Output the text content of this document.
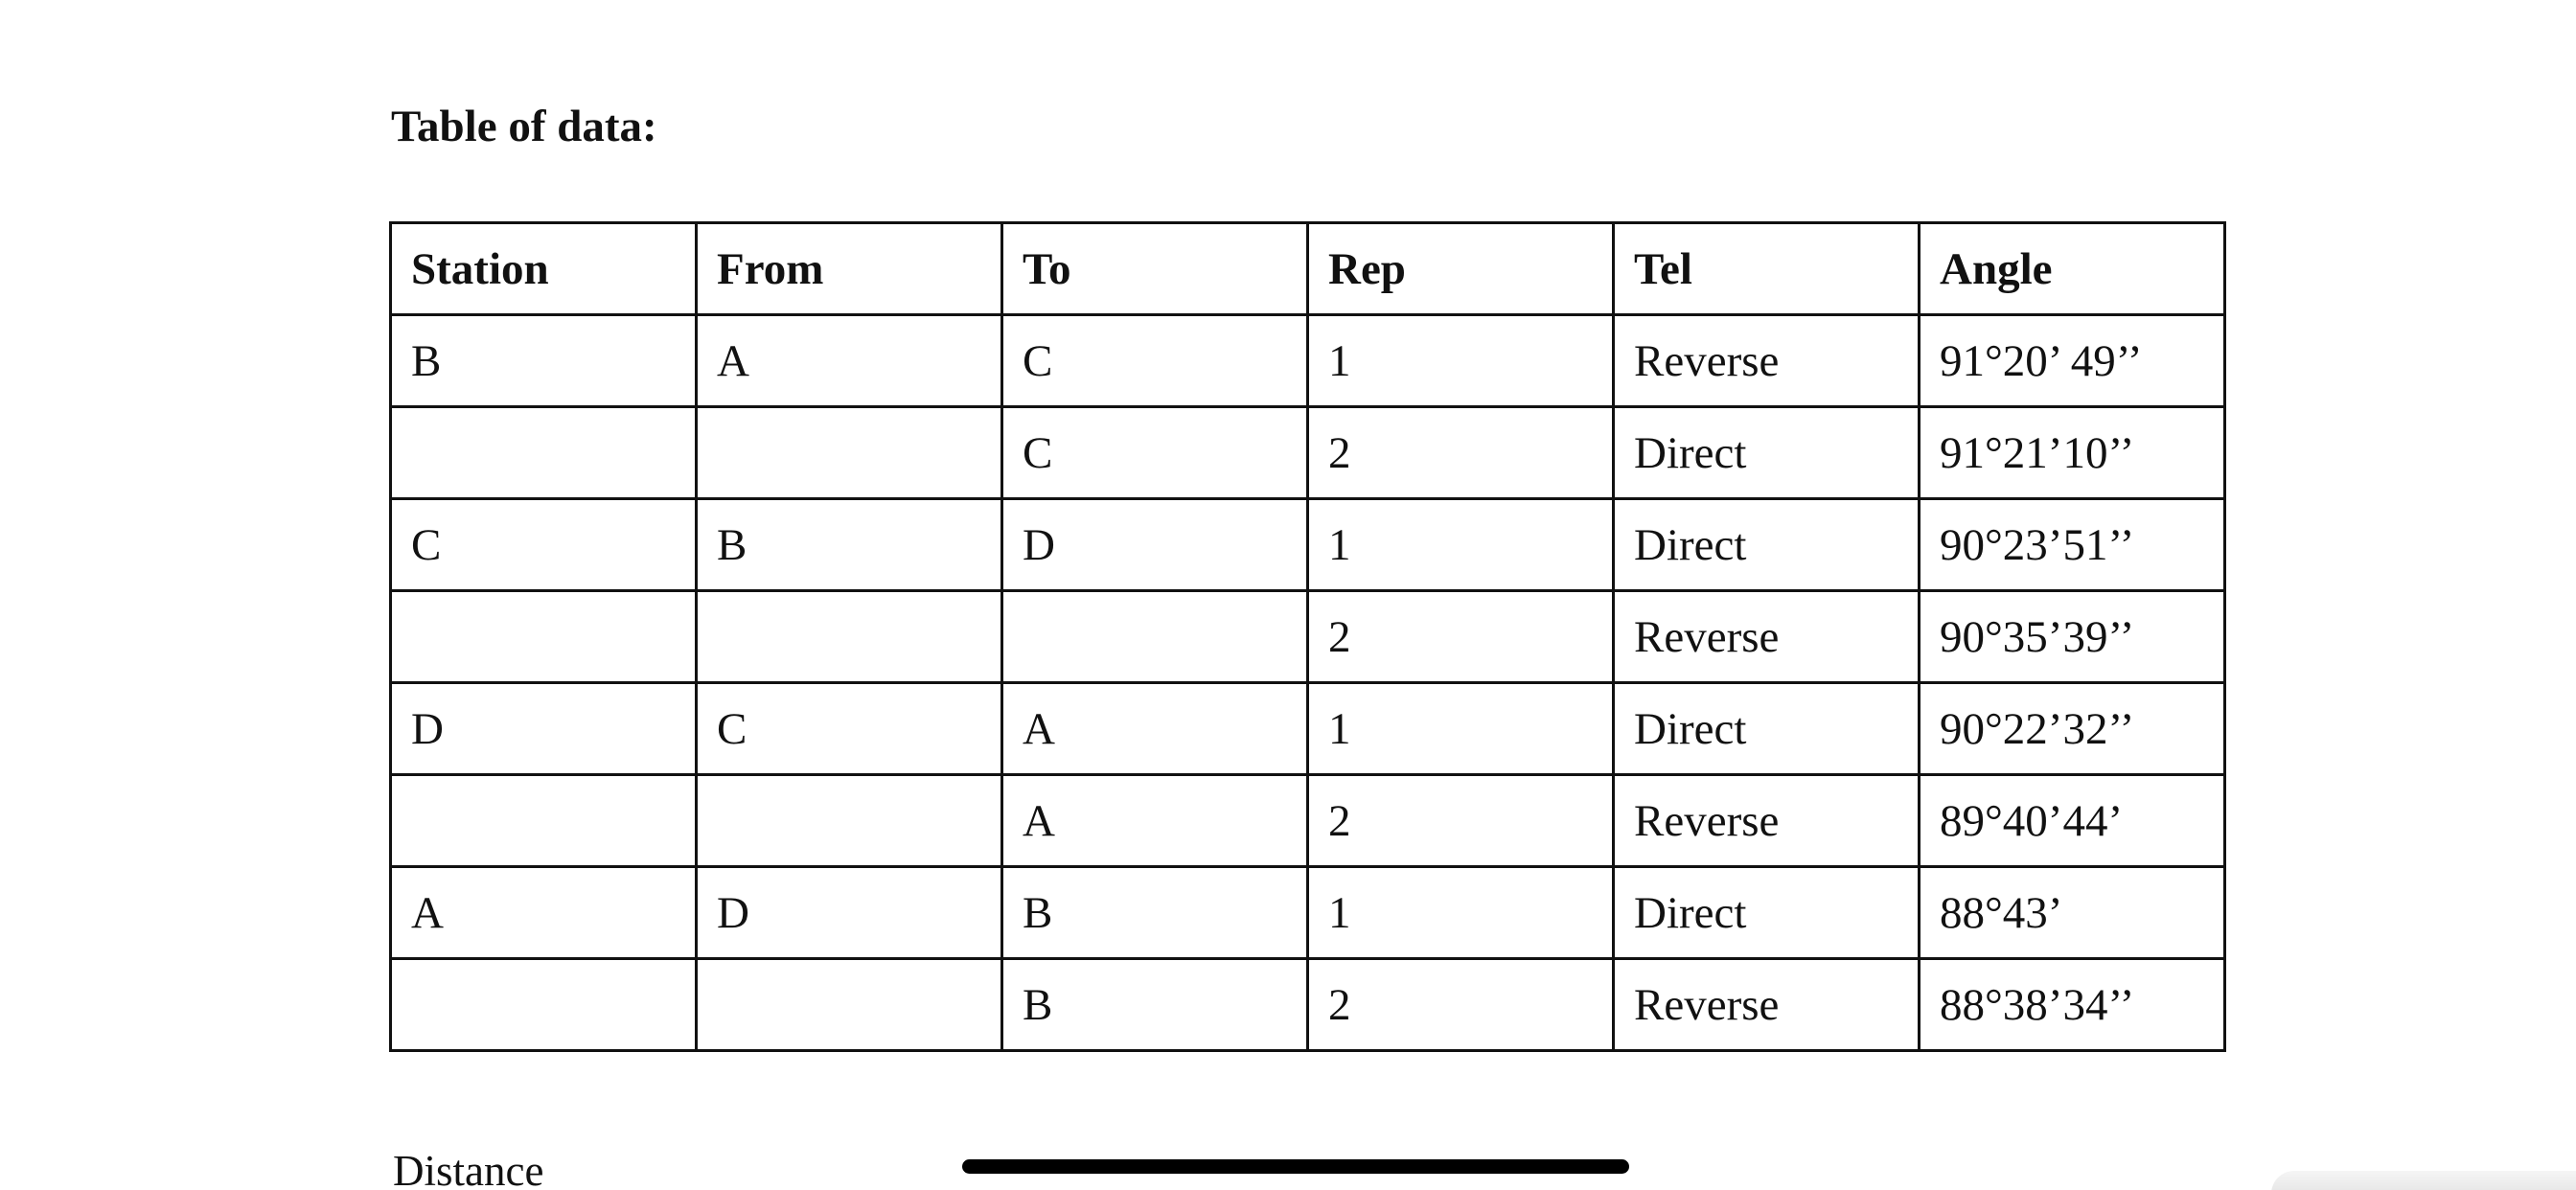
Table of data:

Station	From	To	Rep	Tel	Angle
B	A	C	1	Reverse	91°20’ 49’’
		C	2	Direct	91°21’10’’
C	B	D	1	Direct	90°23’51’’
			2	Reverse	90°35’39’’
D	C	A	1	Direct	90°22’32’’
		A	2	Reverse	89°40’44’
A	D	B	1	Direct	88°43’
		B	2	Reverse	88°38’34’’
Distance
